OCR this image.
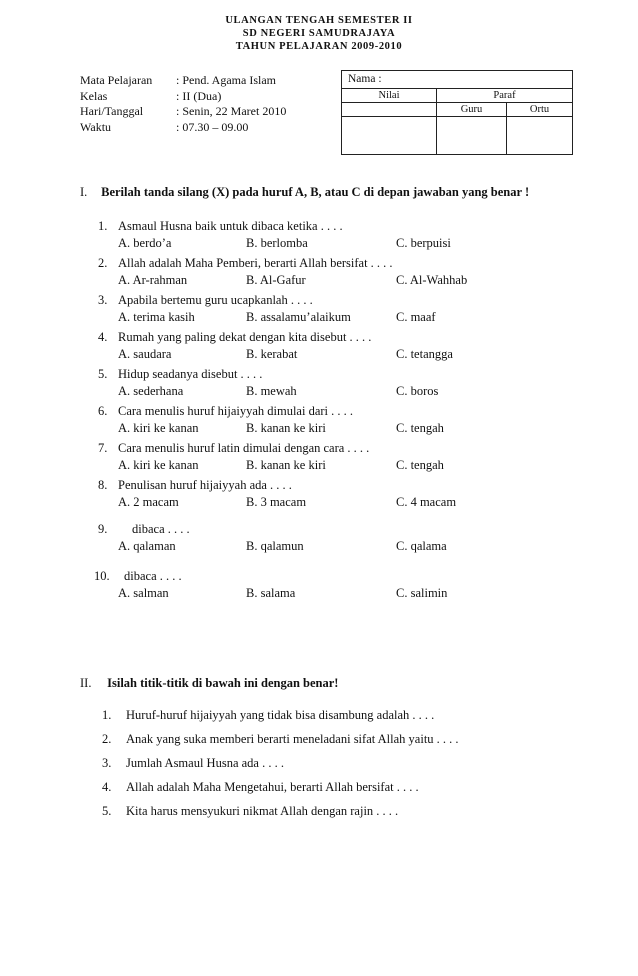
ULANGAN TENGAH SEMESTER II
SD NEGERI SAMUDRAJAYA
TAHUN PELAJARAN 2009-2010
Mata Pelajaran	: Pend. Agama Islam
Kelas	: II (Dua)
Hari/Tanggal	: Senin, 22 Maret 2010
Waktu	: 07.30 – 09.00
Nama :
Nilai	Paraf
Guru	Ortu
I. Berilah tanda silang (X) pada huruf A, B, atau C di depan jawaban yang benar !
1. Asmaul Husna baik untuk dibaca ketika . . . .
A. berdo’a	B. berlomba	C. berpuisi
2. Allah adalah Maha Pemberi, berarti Allah bersifat . . . .
A. Ar-rahman	B. Al-Gafur	C. Al-Wahhab
3. Apabila bertemu guru ucapkanlah . . . .
A. terima kasih	B. assalamu’alaikum	C. maaf
4. Rumah yang paling dekat dengan kita disebut . . . .
A. saudara	B. kerabat	C. tetangga
5. Hidup seadanya disebut . . . .
A. sederhana	B. mewah	C. boros
6. Cara menulis huruf hijaiyyah dimulai dari . . . .
A. kiri ke kanan	B. kanan ke kiri	C. tengah
7. Cara menulis huruf latin dimulai dengan cara . . . .
A. kiri ke kanan	B. kanan ke kiri	C. tengah
8. Penulisan huruf hijaiyyah ada . . . .
A. 2 macam	B. 3 macam	C. 4 macam
9.	dibaca . . . .
A. qalaman	B. qalamun	C. qalama
10.	dibaca . . . .
A. salman	B. salama	C. salimin
II. Isilah titik-titik di bawah ini dengan benar!
1.	Huruf-huruf hijaiyyah yang tidak bisa disambung adalah . . . .
2.	Anak yang suka memberi berarti meneladani sifat Allah yaitu . . . .
3.	Jumlah Asmaul Husna ada . . . .
4.	Allah adalah Maha Mengetahui, berarti Allah bersifat . . . .
5.	Kita harus mensyukuri nikmat Allah dengan rajin . . . .
